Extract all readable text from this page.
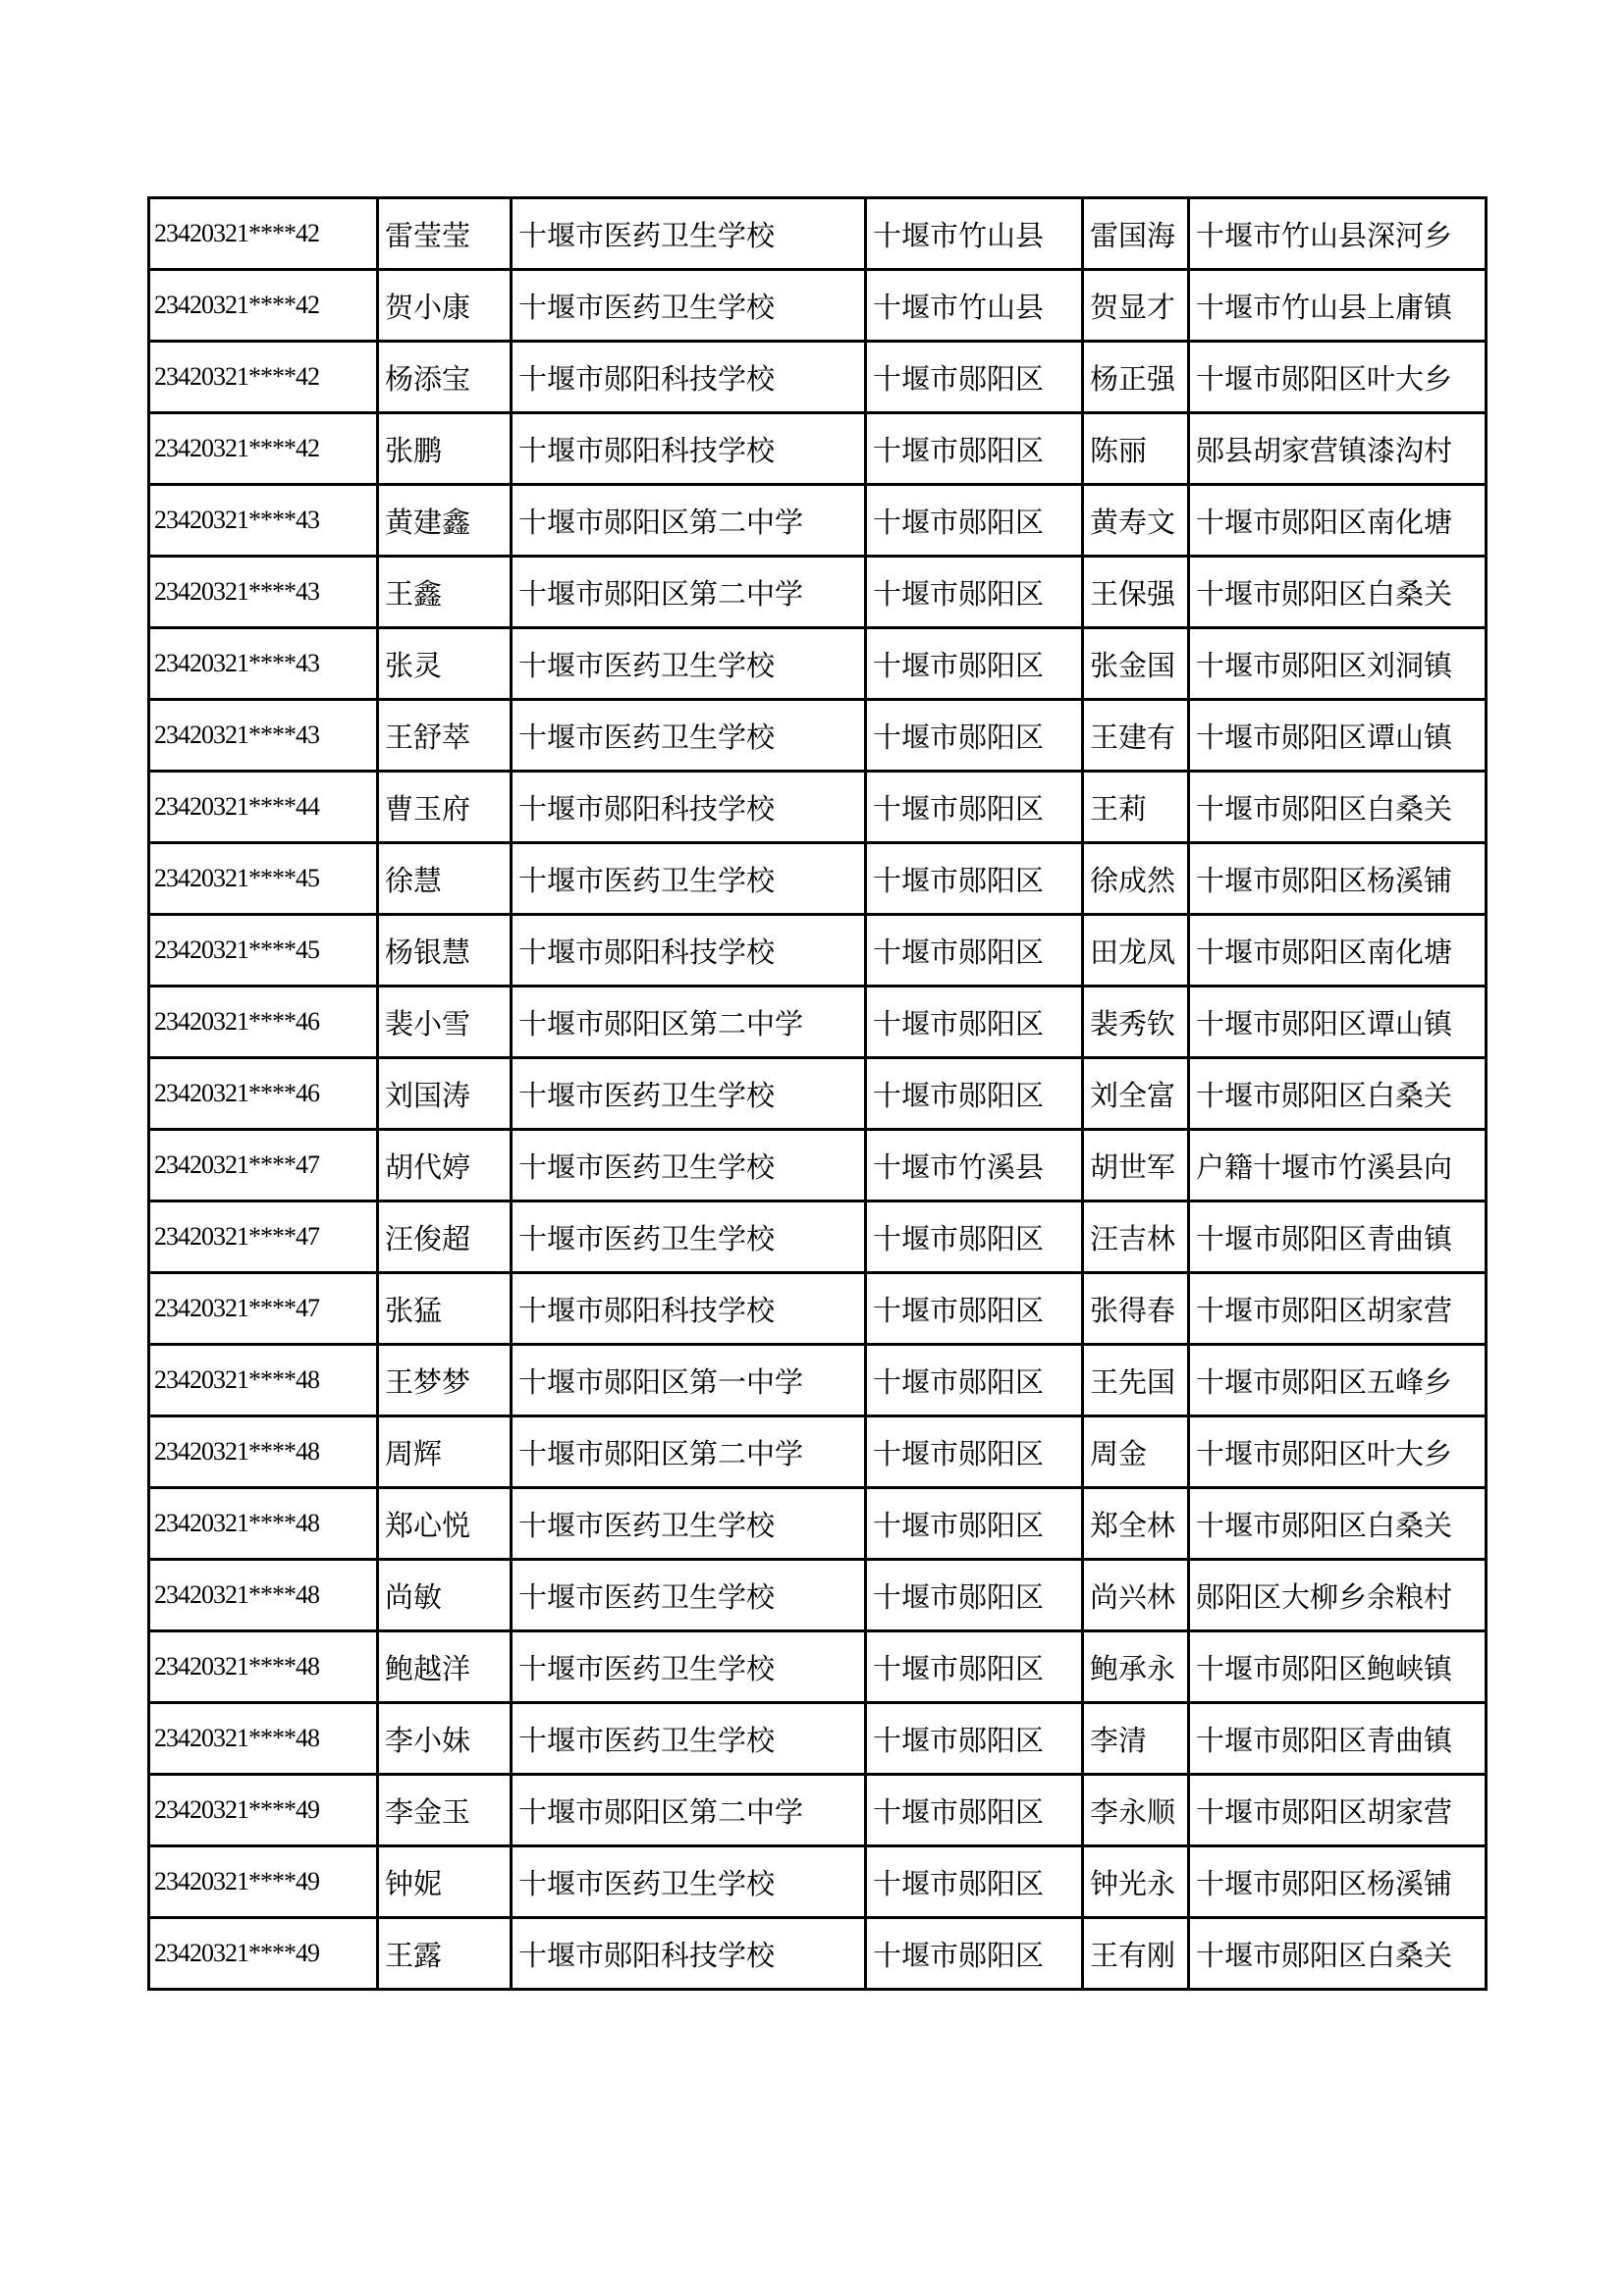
23420321****42	雷莹莹	十堰市医药卫生学校	十堰市竹山县	雷国海	十堰市竹山县深河乡
23420321****42	贺小康	十堰市医药卫生学校	十堰市竹山县	贺显才	十堰市竹山县上庸镇
23420321****42	杨添宝	十堰市郧阳科技学校	十堰市郧阳区	杨正强	十堰市郧阳区叶大乡
23420321****42	张鹏	十堰市郧阳科技学校	十堰市郧阳区	陈丽	郧县胡家营镇漆沟村
23420321****43	黄建鑫	十堰市郧阳区第二中学	十堰市郧阳区	黄寿文	十堰市郧阳区南化塘
23420321****43	王鑫	十堰市郧阳区第二中学	十堰市郧阳区	王保强	十堰市郧阳区白桑关
23420321****43	张灵	十堰市医药卫生学校	十堰市郧阳区	张金国	十堰市郧阳区刘洞镇
23420321****43	王舒萃	十堰市医药卫生学校	十堰市郧阳区	王建有	十堰市郧阳区谭山镇
23420321****44	曹玉府	十堰市郧阳科技学校	十堰市郧阳区	王莉	十堰市郧阳区白桑关
23420321****45	徐慧	十堰市医药卫生学校	十堰市郧阳区	徐成然	十堰市郧阳区杨溪铺
23420321****45	杨银慧	十堰市郧阳科技学校	十堰市郧阳区	田龙凤	十堰市郧阳区南化塘
23420321****46	裴小雪	十堰市郧阳区第二中学	十堰市郧阳区	裴秀钦	十堰市郧阳区谭山镇
23420321****46	刘国涛	十堰市医药卫生学校	十堰市郧阳区	刘全富	十堰市郧阳区白桑关
23420321****47	胡代婷	十堰市医药卫生学校	十堰市竹溪县	胡世军	户籍十堰市竹溪县向
23420321****47	汪俊超	十堰市医药卫生学校	十堰市郧阳区	汪吉林	十堰市郧阳区青曲镇
23420321****47	张猛	十堰市郧阳科技学校	十堰市郧阳区	张得春	十堰市郧阳区胡家营
23420321****48	王梦梦	十堰市郧阳区第一中学	十堰市郧阳区	王先国	十堰市郧阳区五峰乡
23420321****48	周辉	十堰市郧阳区第二中学	十堰市郧阳区	周金	十堰市郧阳区叶大乡
23420321****48	郑心悦	十堰市医药卫生学校	十堰市郧阳区	郑全林	十堰市郧阳区白桑关
23420321****48	尚敏	十堰市医药卫生学校	十堰市郧阳区	尚兴林	郧阳区大柳乡余粮村
23420321****48	鲍越洋	十堰市医药卫生学校	十堰市郧阳区	鲍承永	十堰市郧阳区鲍峡镇
23420321****48	李小妹	十堰市医药卫生学校	十堰市郧阳区	李清	十堰市郧阳区青曲镇
23420321****49	李金玉	十堰市郧阳区第二中学	十堰市郧阳区	李永顺	十堰市郧阳区胡家营
23420321****49	钟妮	十堰市医药卫生学校	十堰市郧阳区	钟光永	十堰市郧阳区杨溪铺
23420321****49	王露	十堰市郧阳科技学校	十堰市郧阳区	王有刚	十堰市郧阳区白桑关
